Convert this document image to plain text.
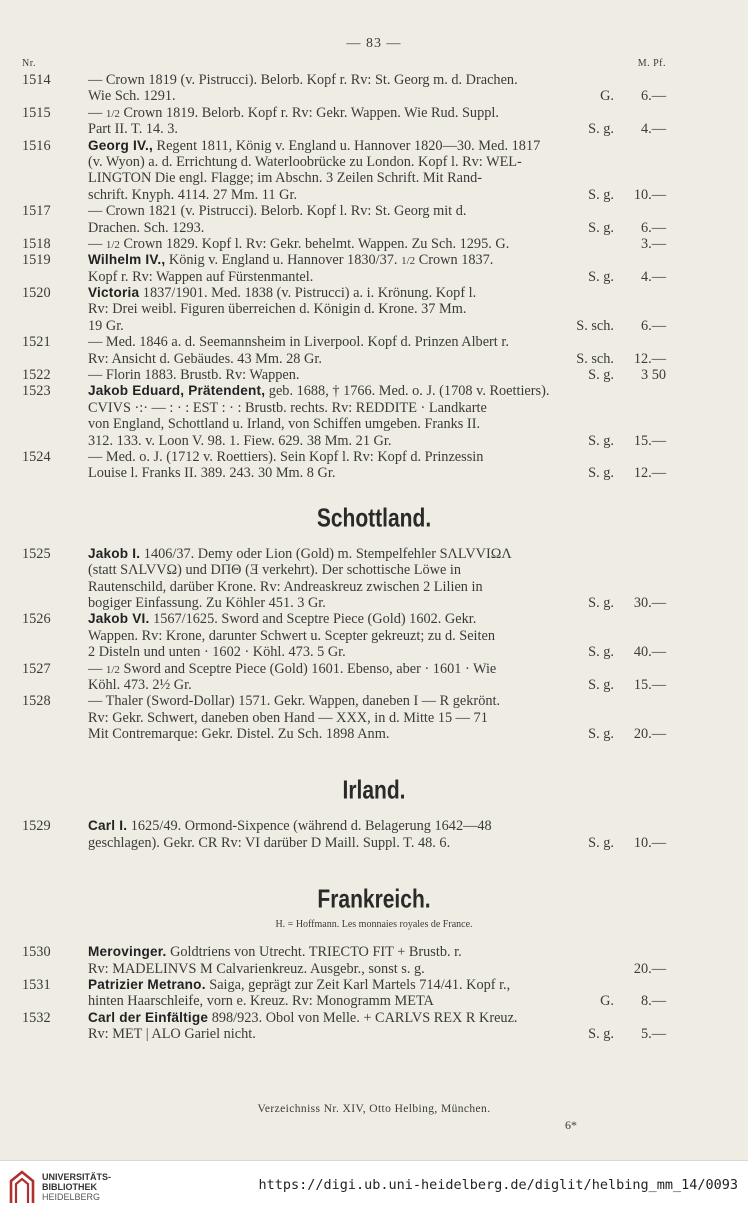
— 83 —
Nr.	M. Pf.
1514	— Crown 1819 (v. Pistrucci). Belorb. Kopf r. Rv: St. Georg m. d. Drachen.
Wie Sch. 1291.	G. 6.—
1515	— 1/2 Crown 1819. Belorb. Kopf r. Rv: Gekr. Wappen. Wie Rud. Suppl.
Part II. T. 14. 3.	S. g. 4.—
1516	Georg IV., Regent 1811, König v. England u. Hannover 1820—30. Med. 1817
(v. Wyon) a. d. Errichtung d. Waterloobrücke zu London. Kopf l. Rv: WEL-
LINGTON Die engl. Flagge; im Abschn. 3 Zeilen Schrift. Mit Rand-
schrift. Knyph. 4114. 27 Mm. 11 Gr.	S. g. 10.—
1517	— Crown 1821 (v. Pistrucci). Belorb. Kopf l. Rv: St. Georg mit d.
Drachen. Sch. 1293.	S. g. 6.—
1518	— 1/2 Crown 1829. Kopf l. Rv: Gekr. behelmt. Wappen. Zu Sch. 1295. G.	3.—
1519	Wilhelm IV., König v. England u. Hannover 1830/37. 1/2 Crown 1837.
Kopf r. Rv: Wappen auf Fürstenmantel.	S. g. 4.—
1520	Victoria 1837/1901. Med. 1838 (v. Pistrucci) a. i. Krönung. Kopf l.
Rv: Drei weibl. Figuren überreichen d. Königin d. Krone. 37 Mm.
19 Gr.	S. sch. 6.—
1521	— Med. 1846 a. d. Seemannsheim in Liverpool. Kopf d. Prinzen Albert r.
Rv: Ansicht d. Gebäudes. 43 Mm. 28 Gr.	S. sch. 12.—
1522	— Florin 1883. Brustb. Rv: Wappen.	S. g. 3 50
1523	Jakob Eduard, Prätendent, geb. 1688, † 1766. Med. o. J. (1708 v. Roettiers).
CVIVS ·:· — : · : EST : · : Brustb. rechts. Rv: REDDITE · Landkarte
von England, Schottland u. Irland, von Schiffen umgeben. Franks II.
312. 133. v. Loon V. 98. 1. Fiew. 629. 38 Mm. 21 Gr.	S. g. 15.—
1524	— Med. o. J. (1712 v. Roettiers). Sein Kopf l. Rv: Kopf d. Prinzessin
Louise l. Franks II. 389. 243. 30 Mm. 8 Gr.	S. g. 12.—
Schottland.
1525	Jakob I. 1406/37. Demy oder Lion (Gold) m. Stempelfehler SΛLVVIΩΛ
(statt SΛLVVΩ) und DΠΘ (Ǝ verkehrt). Der schottische Löwe in
Rautenschild, darüber Krone. Rv: Andreaskreuz zwischen 2 Lilien in
bogiger Einfassung. Zu Köhler 451. 3 Gr.	S. g. 30.—
1526	Jakob VI. 1567/1625. Sword and Sceptre Piece (Gold) 1602. Gekr.
Wappen. Rv: Krone, darunter Schwert u. Scepter gekreuzt; zu d. Seiten
2 Disteln und unten · 1602 · Köhl. 473. 5 Gr.	S. g. 40.—
1527	— 1/2 Sword and Sceptre Piece (Gold) 1601. Ebenso, aber · 1601 · Wie
Köhl. 473. 2½ Gr.	S. g. 15.—
1528	— Thaler (Sword-Dollar) 1571. Gekr. Wappen, daneben I — R gekrönt.
Rv: Gekr. Schwert, daneben oben Hand — XXX, in d. Mitte 15 — 71
Mit Contremarque: Gekr. Distel. Zu Sch. 1898 Anm.	S. g. 20.—
Irland.
1529	Carl I. 1625/49. Ormond-Sixpence (während d. Belagerung 1642—48
geschlagen). Gekr. CR Rv: VI darüber D Maill. Suppl. T. 48. 6.	S. g. 10.—
Frankreich.
H. = Hoffmann. Les monnaies royales de France.
1530	Merovinger. Goldtriens von Utrecht. TRIECTO FIT + Brustb. r.
Rv: MADELINVS M Calvarienkreuz. Ausgebr., sonst s. g.	20.—
1531	Patrizier Metrano. Saiga, geprägt zur Zeit Karl Martels 714/41. Kopf r.,
hinten Haarschleife, vorn e. Kreuz. Rv: Monogramm META	G. 8.—
1532	Carl der Einfältige 898/923. Obol von Melle. + CARLVS REX R Kreuz.
Rv: MET | ALO Gariel nicht.	S. g. 5.—
Verzeichniss Nr. XIV, Otto Helbing, München.
6*
UNIVERSITÄTS-
BIBLIOTHEK
HEIDELBERG
https://digi.ub.uni-heidelberg.de/diglit/helbing_mm_14/0093
